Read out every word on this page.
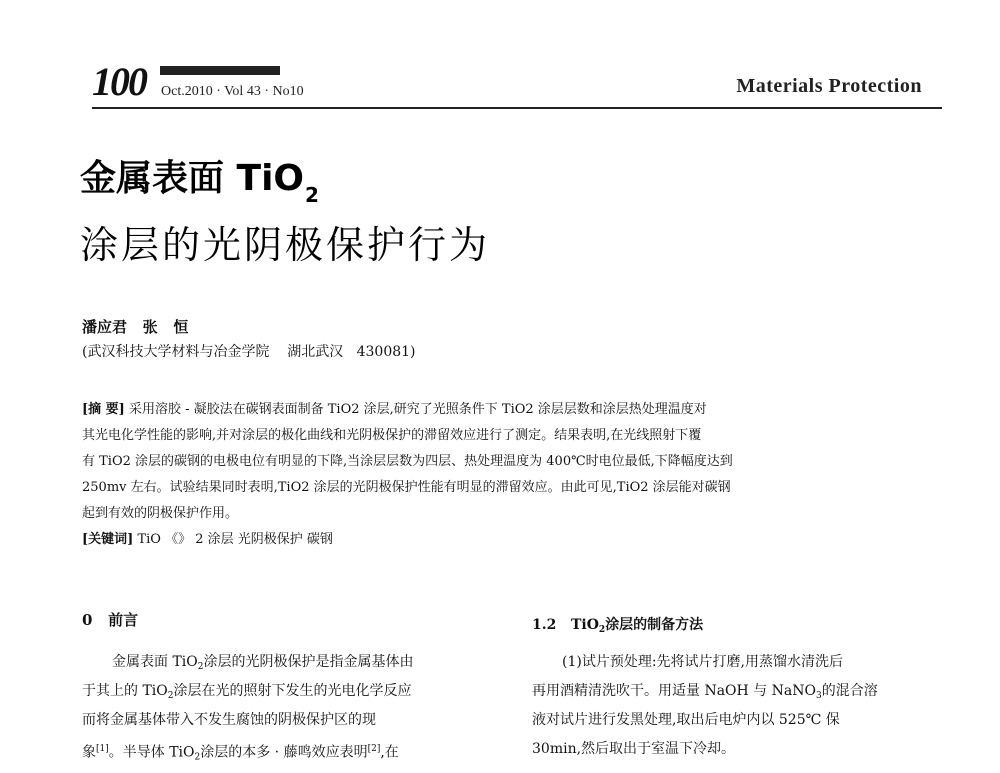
100 Oct.2010 · Vol 43 · No10	Materials Protection
金属表面 TiO$_2$
涂层的光阴极保护行为
潘应君   张   恒
(武汉科技大学材料与冶金学院    湖北武汉   430081)
[摘 要] 采用溶胶 - 凝胶法在碳钢表面制备 TiO2 涂层,研究了光照条件下 TiO2 涂层层数和涂层热处理温度对
其光电化学性能的影响,并对涂层的极化曲线和光阴极保护的滞留效应进行了测定。结果表明,在光线照射下覆
有 TiO2 涂层的碳钢的电极电位有明显的下降,当涂层层数为四层、热处理温度为 400℃时电位最低,下降幅度达到
250mv 左右。试验结果同时表明,TiO2 涂层的光阴极保护性能有明显的滞留效应。由此可见,TiO2 涂层能对碳钢
起到有效的阴极保护作用。
[关键词] TiO 《》 2 涂层 光阴极保护 碳钢
0   前言
金属表面 TiO$_2$涂层的光阴极保护是指金属基体由
于其上的 TiO$_2$涂层在光的照射下发生的光电化学反应
而将金属基体带入不发生腐蚀的阴极保护区的现
象[1]。半导体 TiO$_2$涂层的本多 · 藤鸣效应表明[2],在
1.2   TiO$_2$涂层的制备方法
(1)试片预处理:先将试片打磨,用蒸馏水清洗后
再用酒精清洗吹干。用适量 NaOH 与 NaNO$_3$的混合溶
液对试片进行发黑处理,取出后电炉内以 525℃ 保
30min,然后取出于室温下冷却。
